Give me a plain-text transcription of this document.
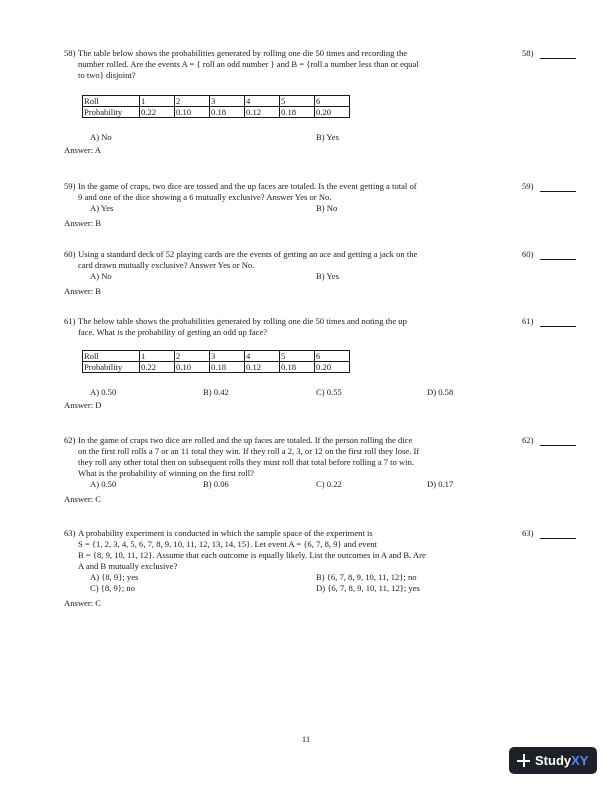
58) The table below shows the probabilities generated by rolling one die 50 times and recording the

number rolled. Are the events A = { roll an odd number } and B = {roll a number less than or equal

to two} disjoint?

Roll	1	2	3	4	5	6
Probability	0.22	0.10	0.18	0.12	0.18	0.20
A) No	B) Yes

Answer: A

58)
59) In the game of craps, two dice are tossed and the up faces are totaled. Is the event getting a total of

9 and one of the dice showing a 6 mutually exclusive? Answer Yes or No.

A) Yes	B) No

Answer: B

59)
60) Using a standard deck of 52 playing cards are the events of getting an ace and getting a jack on the

card drawn mutually exclusive? Answer Yes or No.

A) No	B) Yes

Answer: B

60)
61) The below table shows the probabilities generated by rolling one die 50 times and noting the up

face. What is the probability of getting an odd up face?

Roll	1	2	3	4	5	6
Probability	0.22	0.10	0.18	0.12	0.18	0.20
A) 0.50	B) 0.42	C) 0.55	D) 0.58

Answer: D

61)
62) In the game of craps two dice are rolled and the up faces are totaled. If the person rolling the dice

on the first roll rolls a 7 or an 11 total they win. If they roll a 2, 3, or 12 on the first roll they lose. If

they roll any other total then on subsequent rolls they must roll that total before rolling a 7 to win.

What is the probability of winning on the first roll?

A) 0.50	B) 0.06	C) 0.22	D) 0.17

Answer: C

62)
63) A probability experiment is conducted in which the sample space of the experiment is

S = {1, 2, 3, 4, 5, 6, 7, 8, 9, 10, 11, 12, 13, 14, 15}. Let event A = {6, 7, 8, 9} and event

B = {8, 9, 10, 11, 12}. Assume that each outcome is equally likely. List the outcomes in A and B. Are

A and B mutually exclusive?

A) {8, 9}; yes	B) {6, 7, 8, 9, 10, 11, 12}; no
C) {8, 9}; no	D) {6, 7, 8, 9, 10, 11, 12}; yes

Answer: C

63)
11
StudyXY
